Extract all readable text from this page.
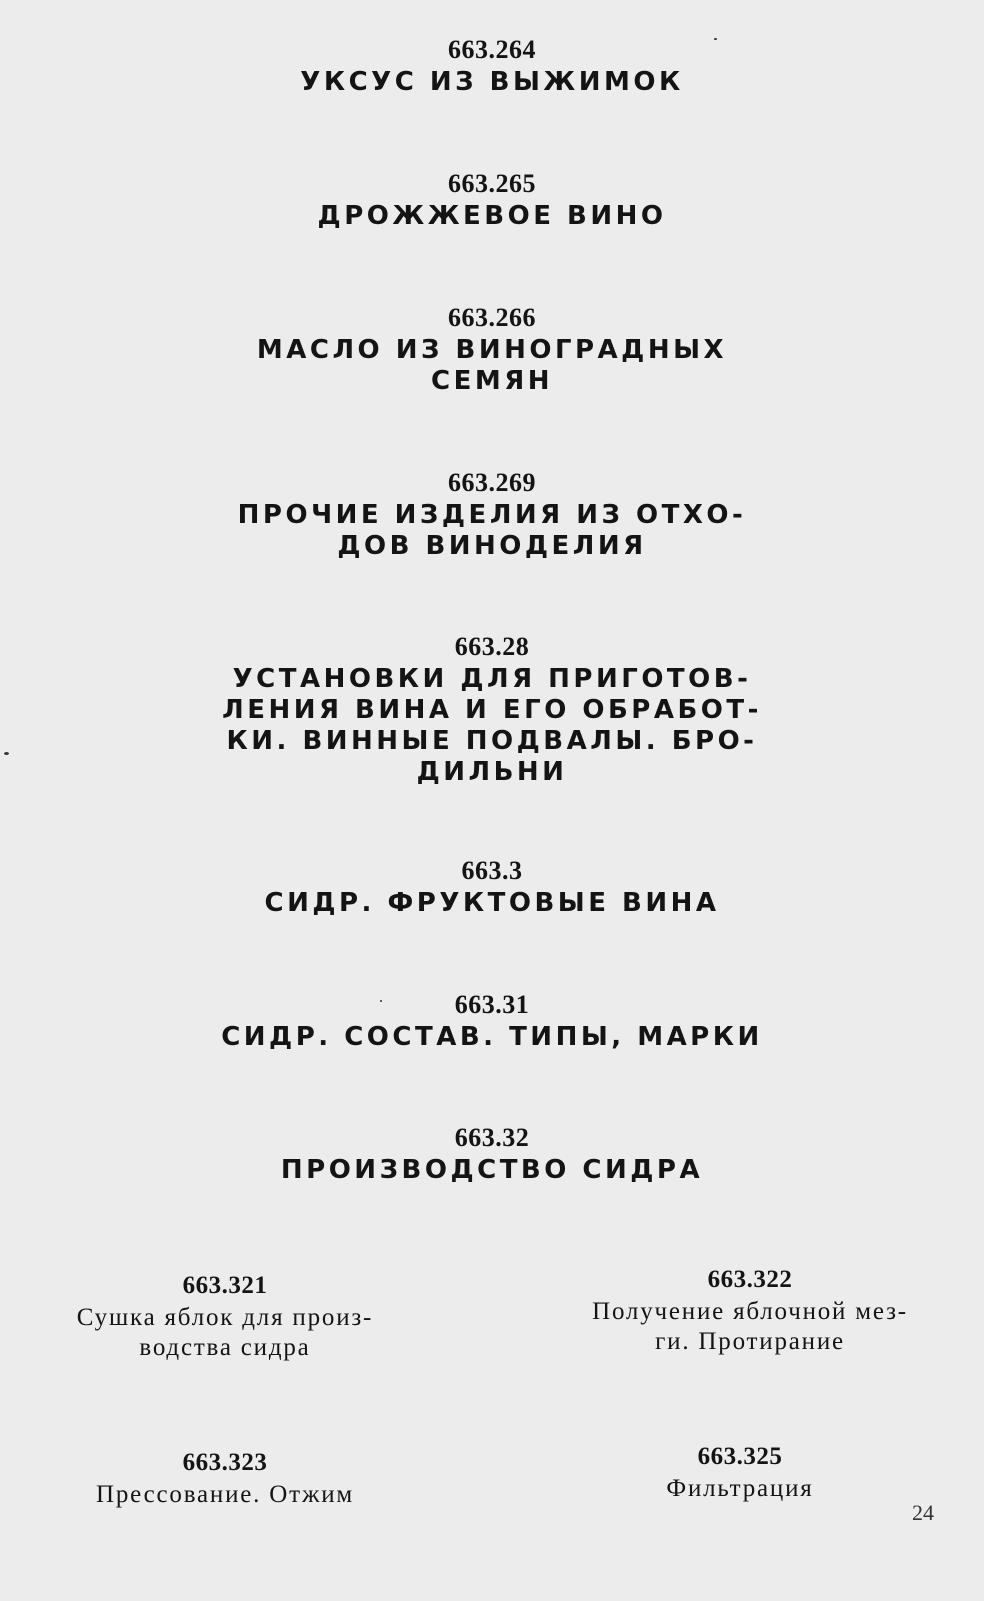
663.264
УКСУС ИЗ ВЫЖИМОК
663.265
ДРОЖЖЕВОЕ ВИНО
663.266
МАСЛО ИЗ ВИНОГРАДНЫХ
СЕМЯН
663.269
ПРОЧИЕ ИЗДЕЛИЯ ИЗ ОТХО-
ДОВ ВИНОДЕЛИЯ
663.28
УСТАНОВКИ ДЛЯ ПРИГОТОВ-
ЛЕНИЯ ВИНА И ЕГО ОБРАБОТ-
КИ. ВИННЫЕ ПОДВАЛЫ. БРО-
ДИЛЬНИ
663.3
СИДР. ФРУКТОВЫЕ ВИНА
663.31
СИДР. СОСТАВ. ТИПЫ, МАРКИ
663.32
ПРОИЗВОДСТВО СИДРА
663.321
Сушка яблок для произ-
водства сидра
663.322
Получение яблочной мез-
ги. Протирание
663.323
Прессование. Отжим
663.325
Фильтрация
24
